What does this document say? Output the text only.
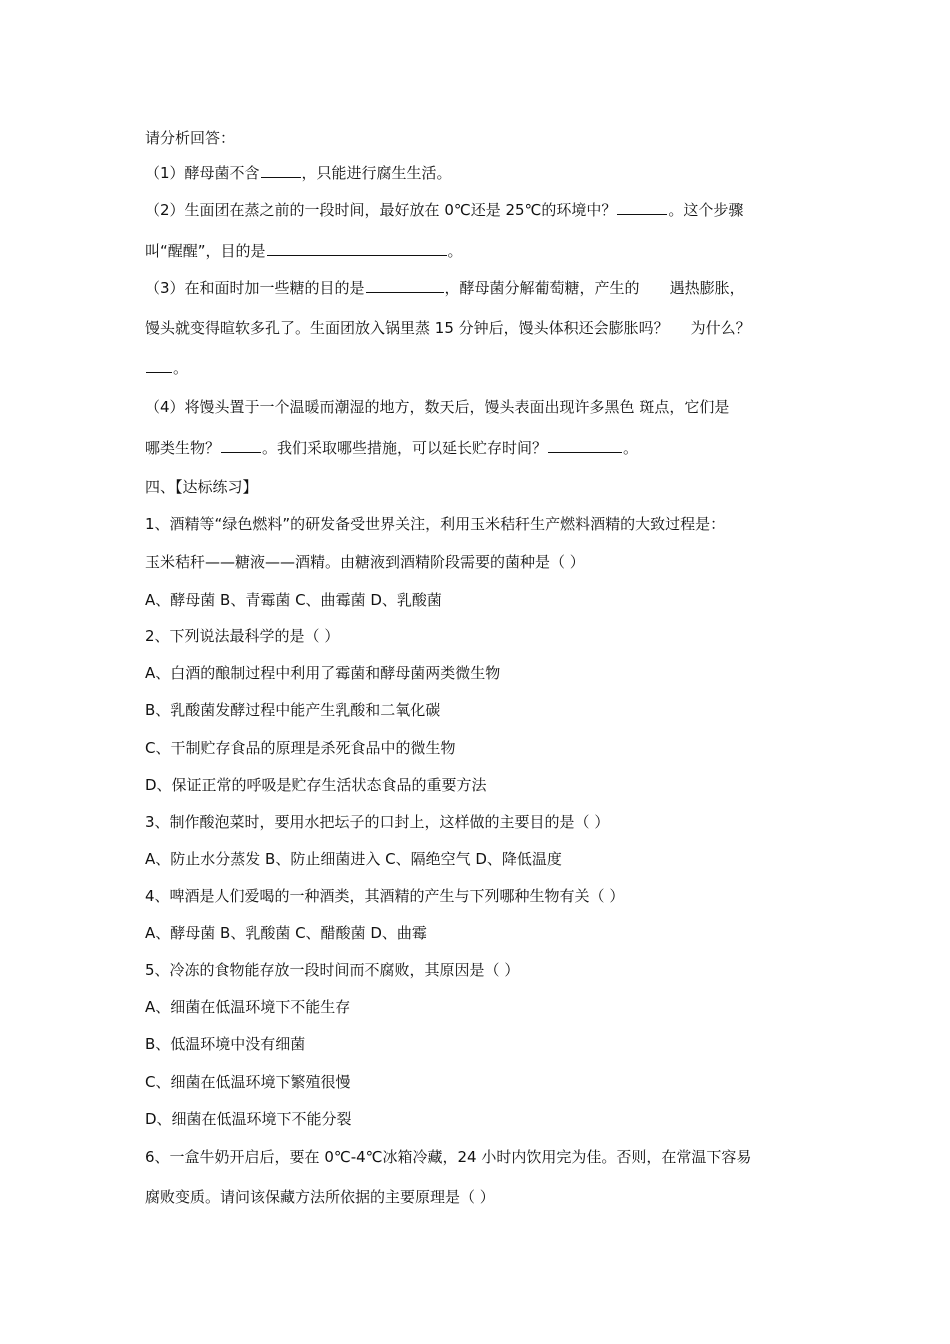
请分析回答：
（1）酵母菌不含	，只能进行腐生生活。
（2）生面团在蒸之前的一段时间，最好放在 0℃还是 25℃的环境中？	。这个步骤
叫“醒醒”，目的是	。
（3）在和面时加一些糖的目的是	，酵母菌分解葡萄糖，产生的 遇热膨胀，
馒头就变得暄软多孔了。生面团放入锅里蒸 15 分钟后，馒头体积还会膨胀吗？ 为什么？
。
（4）将馒头置于一个温暖而潮湿的地方，数天后，馒头表面出现许多黑色 斑点，它们是
哪类生物？	。我们采取哪些措施，可以延长贮存时间？	。
四、【达标练习】
1、酒精等“绿色燃料”的研发备受世界关注，利用玉米秸秆生产燃料酒精的大致过程是：
玉米秸秆——糖液——酒精。由糖液到酒精阶段需要的菌种是（ ）
A、酵母菌 B、青霉菌 C、曲霉菌 D、乳酸菌
2、下列说法最科学的是（ ）
A、白酒的酿制过程中利用了霉菌和酵母菌两类微生物
B、乳酸菌发酵过程中能产生乳酸和二氧化碳
C、干制贮存食品的原理是杀死食品中的微生物
D、保证正常的呼吸是贮存生活状态食品的重要方法
3、制作酸泡菜时，要用水把坛子的口封上，这样做的主要目的是（ ）
A、防止水分蒸发 B、防止细菌进入 C、隔绝空气 D、降低温度
4、啤酒是人们爱喝的一种酒类，其酒精的产生与下列哪种生物有关（ ）
A、酵母菌 B、乳酸菌 C、醋酸菌 D、曲霉
5、冷冻的食物能存放一段时间而不腐败，其原因是（ ）
A、细菌在低温环境下不能生存
B、低温环境中没有细菌
C、细菌在低温环境下繁殖很慢
D、细菌在低温环境下不能分裂
6、一盒牛奶开启后，要在 0℃-4℃冰箱冷藏，24 小时内饮用完为佳。否则，在常温下容易
腐败变质。请问该保藏方法所依据的主要原理是（ ）
